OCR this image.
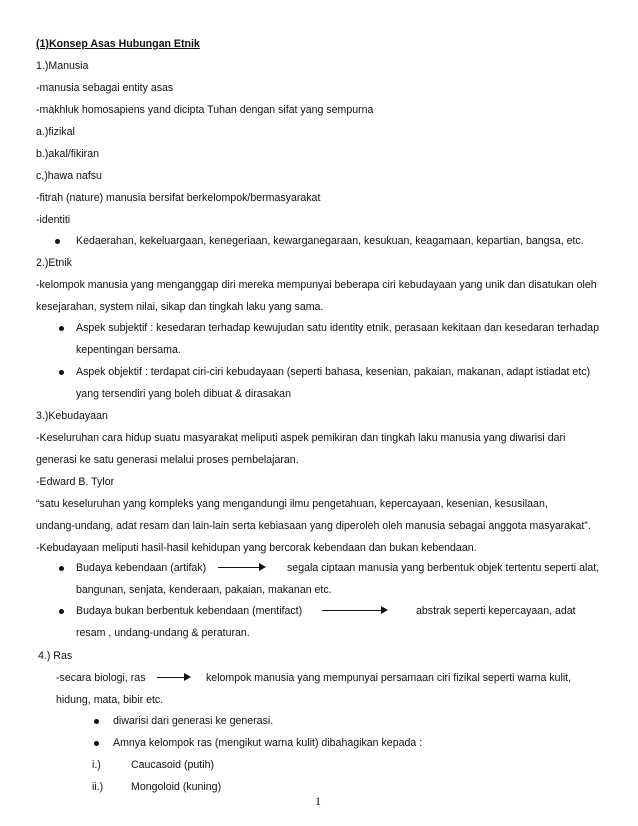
(1)Konsep Asas Hubungan Etnik
1.)Manusia
-manusia sebagai entity asas
-makhluk homosapiens yand dicipta Tuhan dengan sifat yang sempurna
a.)fizikal
b.)akal/fikiran
c,)hawa nafsu
-fitrah (nature) manusia bersifat berkelompok/bermasyarakat
-identiti
Kedaerahan, kekeluargaan, kenegeriaan, kewarganegaraan, kesukuan, keagamaan, kepartian, bangsa, etc.
2.)Etnik
-kelompok manusia yang menganggap diri mereka mempunyai beberapa ciri kebudayaan yang unik dan disatukan oleh
kesejarahan, system nilai, sikap dan tingkah laku yang sama.
Aspek subjektif : kesedaran terhadap kewujudan satu identity etnik, perasaan kekitaan dan kesedaran terhadap
kepentingan bersama.
Aspek objektif : terdapat ciri-ciri kebudayaan (seperti bahasa, kesenian, pakaian, makanan, adapt istiadat etc)
yang tersendiri yang boleh dibuat & dirasakan
3.)Kebudayaan
-Keseluruhan cara hidup suatu masyarakat meliputi aspek pemikiran dan tingkah laku manusia yang diwarisi dari
generasi ke satu generasi melalui proses pembelajaran.
-Edward B. Tylor
“satu keseluruhan yang kompleks yang mengandungi ilmu pengetahuan, kepercayaan, kesenian, kesusilaan,
undang-undang, adat resam dan lain-lain serta kebiasaan yang diperoleh oleh manusia sebagai anggota masyarakat”.
-Kebudayaan meliputi hasil-hasil kehidupan yang bercorak kebendaan dan bukan kebendaan.
Budaya kebendaan (artifak)	segala ciptaan manusia yang berbentuk objek tertentu seperti alat,
bangunan, senjata, kenderaan, pakaian, makanan etc.
Budaya bukan berbentuk kebendaan (mentifact)	abstrak seperti kepercayaan, adat
resam , undang-undang & peraturan.
4.) Ras
-secara biologi, ras	kelompok manusia yang mempunyai persamaan ciri fizikal seperti warna kulit,
hidung, mata, bibir etc.
diwarisi dari generasi ke generasi.
Amnya kelompok ras (mengikut warna kulit) dibahagikan kepada :
i.)	Caucasoid (putih)
ii.)	Mongoloid (kuning)
1
